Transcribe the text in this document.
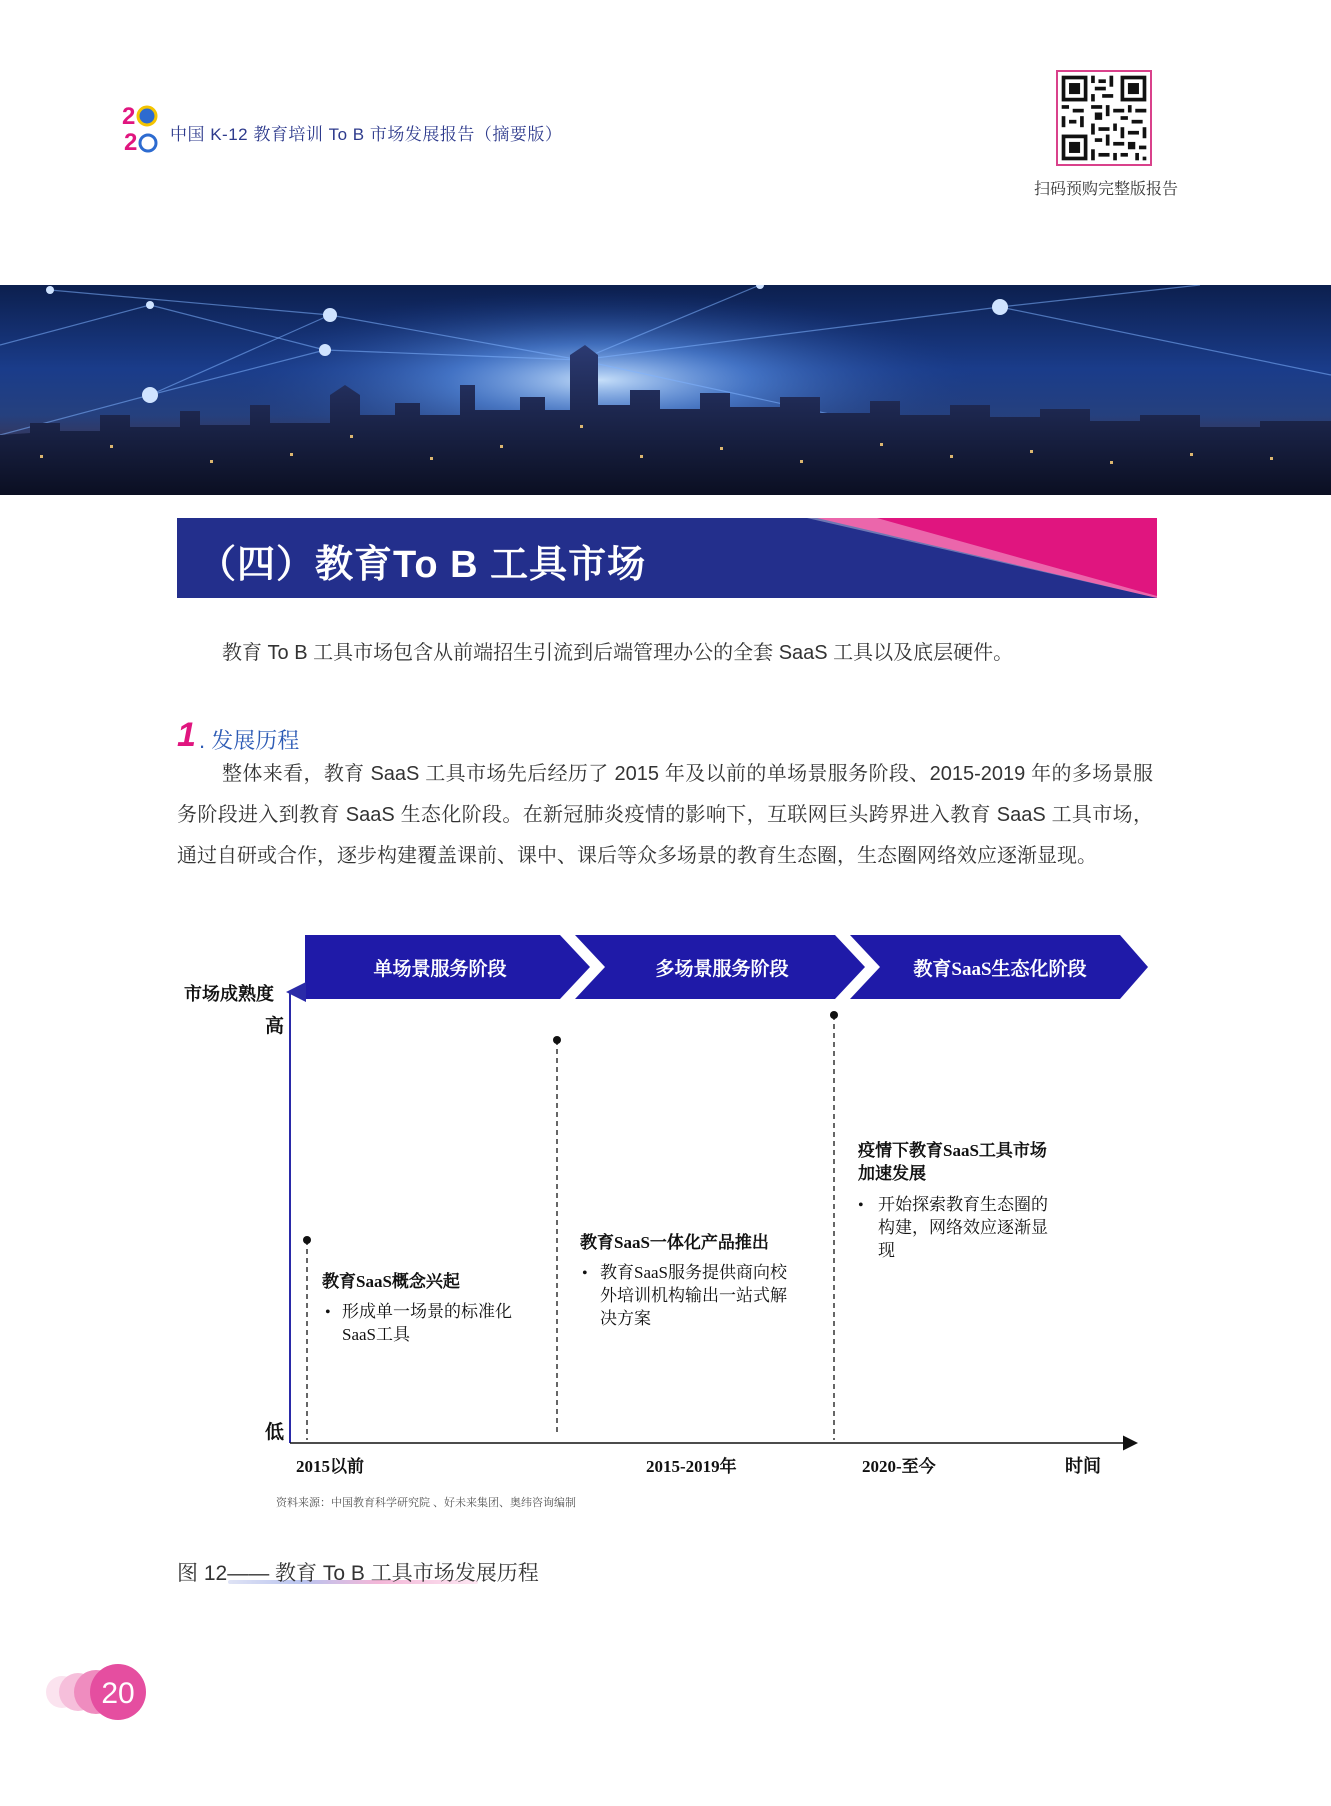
2
2 中国 K-12 教育培训 To B 市场发展报告（摘要版）
扫码预购完整版报告
（四）教育To B 工具市场
教育 To B 工具市场包含从前端招生引流到后端管理办公的全套 SaaS 工具以及底层硬件。
1 . 发展历程
整体来看，教育 SaaS 工具市场先后经历了 2015 年及以前的单场景服务阶段、2015-2019 年的多场景服务阶段进入到教育 SaaS 生态化阶段。在新冠肺炎疫情的影响下，互联网巨头跨界进入教育 SaaS 工具市场，通过自研或合作，逐步构建覆盖课前、课中、课后等众多场景的教育生态圈，生态圈网络效应逐渐显现。
单场景服务阶段	多场景服务阶段	教育SaaS生态化阶段
市场成熟度
高
低
2015以前	2015-2019年	2020-至今	时间
教育SaaS概念兴起
• 形成单一场景的标准化
SaaS工具
教育SaaS一体化产品推出
• 教育SaaS服务提供商向校
外培训机构输出一站式解
决方案
疫情下教育SaaS工具市场
加速发展
• 开始探索教育生态圈的
构建，网络效应逐渐显
现
资料来源：中国教育科学研究院 、好未来集团、奥纬咨询编制
图 12—— 教育 To B 工具市场发展历程
20
